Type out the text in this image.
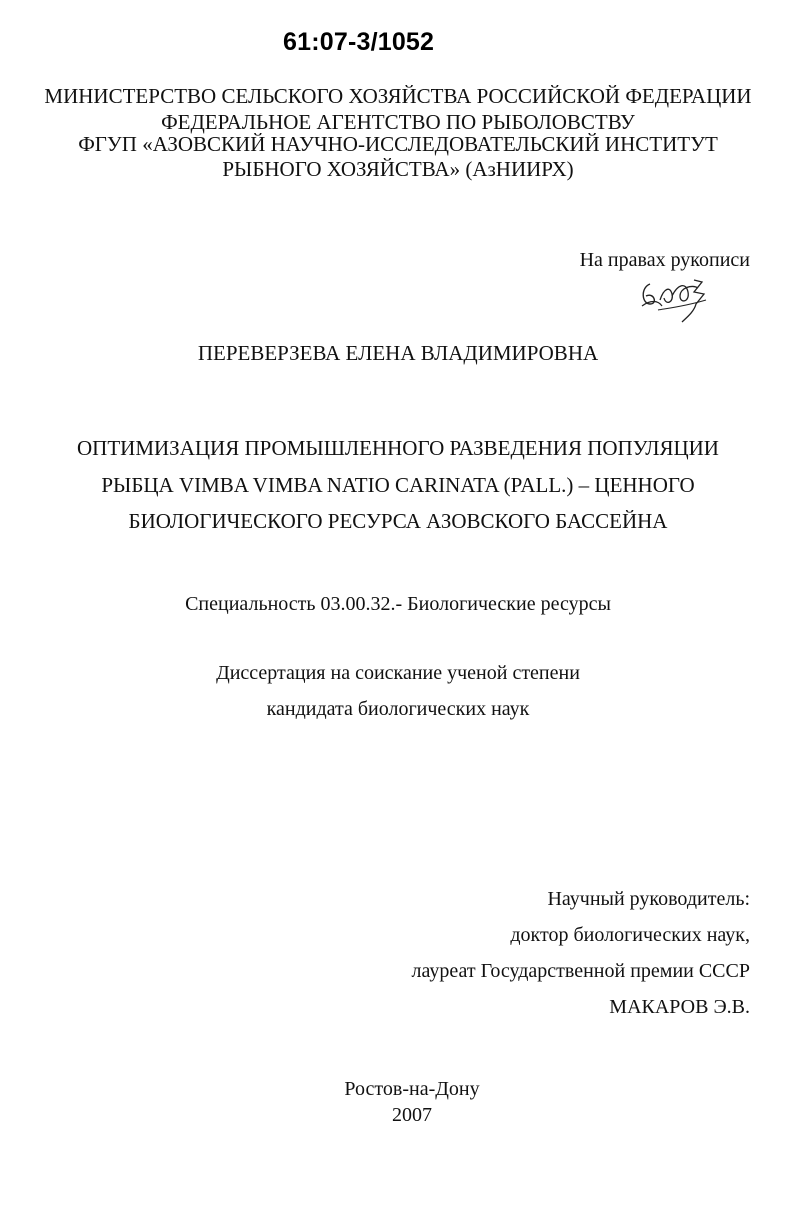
61:07-3/1052
МИНИСТЕРСТВО СЕЛЬСКОГО ХОЗЯЙСТВА РОССИЙСКОЙ ФЕДЕРАЦИИ
ФЕДЕРАЛЬНОЕ АГЕНТСТВО ПО РЫБОЛОВСТВУ
ФГУП «АЗОВСКИЙ НАУЧНО-ИССЛЕДОВАТЕЛЬСКИЙ ИНСТИТУТ
РЫБНОГО ХОЗЯЙСТВА» (АзНИИРХ)
На правах рукописи
ПЕРЕВЕРЗЕВА ЕЛЕНА ВЛАДИМИРОВНА
ОПТИМИЗАЦИЯ ПРОМЫШЛЕННОГО РАЗВЕДЕНИЯ ПОПУЛЯЦИИ
РЫБЦА VIMBA VIMBA NATIO CARINATA (PALL.) – ЦЕННОГО
БИОЛОГИЧЕСКОГО РЕСУРСА АЗОВСКОГО БАССЕЙНА
Специальность 03.00.32.- Биологические ресурсы
Диссертация на соискание ученой степени
кандидата биологических наук
Научный руководитель:
доктор биологических наук,
лауреат Государственной премии СССР
МАКАРОВ Э.В.
Ростов-на-Дону
2007
